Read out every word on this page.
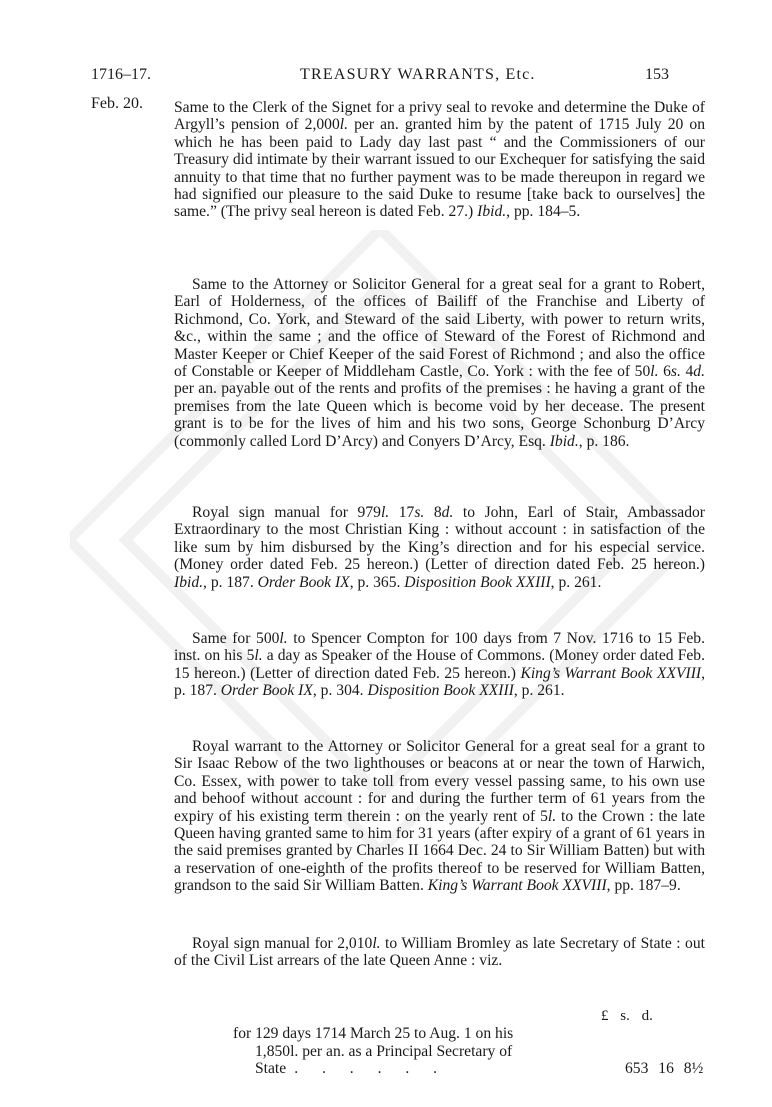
1716–17.
Feb. 20.
TREASURY WARRANTS, Etc.	153
Same to the Clerk of the Signet for a privy seal to revoke and determine the Duke of Argyll’s pension of 2,000l. per an. granted him by the patent of 1715 July 20 on which he has been paid to Lady day last past “ and the Commissioners of our Treasury did intimate by their warrant issued to our Exchequer for satisfying the said annuity to that time that no further payment was to be made thereupon in regard we had signified our pleasure to the said Duke to resume [take back to ourselves] the same.” (The privy seal hereon is dated Feb. 27.) Ibid., pp. 184–5.
Same to the Attorney or Solicitor General for a great seal for a grant to Robert, Earl of Holderness, of the offices of Bailiff of the Franchise and Liberty of Richmond, Co. York, and Steward of the said Liberty, with power to return writs, &c., within the same ; and the office of Steward of the Forest of Richmond and Master Keeper or Chief Keeper of the said Forest of Richmond ; and also the office of Constable or Keeper of Middleham Castle, Co. York : with the fee of 50l. 6s. 4d. per an. payable out of the rents and profits of the premises : he having a grant of the premises from the late Queen which is become void by her decease. The present grant is to be for the lives of him and his two sons, George Schonburg D’Arcy (commonly called Lord D’Arcy) and Conyers D’Arcy, Esq. Ibid., p. 186.
Royal sign manual for 979l. 17s. 8d. to John, Earl of Stair, Ambassador Extraordinary to the most Christian King : without account : in satisfaction of the like sum by him disbursed by the King’s direction and for his especial service. (Money order dated Feb. 25 hereon.) (Letter of direction dated Feb. 25 hereon.) Ibid., p. 187. Order Book IX, p. 365. Disposition Book XXIII, p. 261.
Same for 500l. to Spencer Compton for 100 days from 7 Nov. 1716 to 15 Feb. inst. on his 5l. a day as Speaker of the House of Commons. (Money order dated Feb. 15 hereon.) (Letter of direction dated Feb. 25 hereon.) King’s Warrant Book XXVIII, p. 187. Order Book IX, p. 304. Disposition Book XXIII, p. 261.
Royal warrant to the Attorney or Solicitor General for a great seal for a grant to Sir Isaac Rebow of the two lighthouses or beacons at or near the town of Harwich, Co. Essex, with power to take toll from every vessel passing same, to his own use and behoof without account : for and during the further term of 61 years from the expiry of his existing term therein : on the yearly rent of 5l. to the Crown : the late Queen having granted same to him for 31 years (after expiry of a grant of 61 years in the said premises granted by Charles II 1664 Dec. 24 to Sir William Batten) but with a reservation of one-eighth of the profits thereof to be reserved for William Batten, grandson to the said Sir William Batten. King’s Warrant Book XXVIII, pp. 187–9.
Royal sign manual for 2,010l. to William Bromley as late Secretary of State : out of the Civil List arrears of the late Queen Anne : viz.
£ s. d.
for 129 days 1714 March 25 to Aug. 1 on his
1,850l. per an. as a Principal Secretary of
State . . . . . .	653 16 8½
